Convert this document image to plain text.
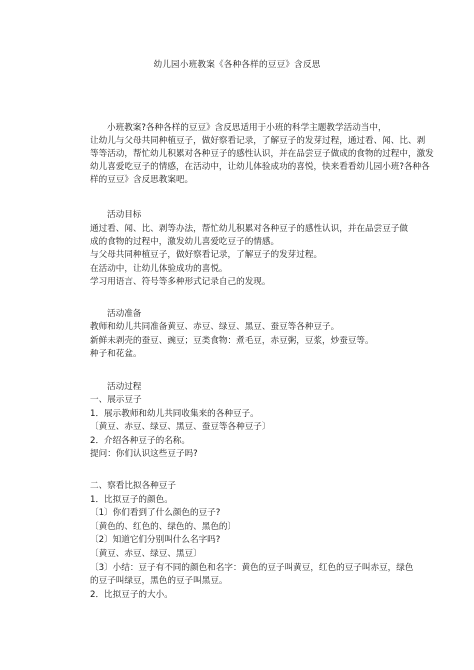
幼儿园小班教案《各种各样的豆豆》含反思
小班教案?各种各样的豆豆》含反思适用于小班的科学主题教学活动当中，
让幼儿与父母共同种植豆子，做好察看记录，了解豆子的发芽过程，通过看、闻、比、剥
等等活动，帮忙幼儿积累对各种豆子的感性认识，并在品尝豆子做成的食物的过程中，激发
幼儿喜爱吃豆子的情感，在活动中，让幼儿体验成功的喜悦，快来看看幼儿园小班?各种各
样的豆豆》含反思教案吧。
活动目标
通过看、闻、比、剥等办法，帮忙幼儿积累对各种豆子的感性认识，并在品尝豆子做
成的食物的过程中，激发幼儿喜爱吃豆子的情感。
与父母共同种植豆子，做好察看记录，了解豆子的发芽过程。
在活动中，让幼儿体验成功的喜悦。
学习用语言、符号等多种形式记录自己的发现。
活动准备
教师和幼儿共同准备黄豆、赤豆、绿豆、黑豆、蚕豆等各种豆子。
新鲜未剥壳的蚕豆、豌豆；豆类食物：煮毛豆，赤豆粥，豆浆，炒蚕豆等。
种子和花盆。
活动过程
一、展示豆子
1．展示教师和幼儿共同收集来的各种豆子。
〔黄豆、赤豆、绿豆、黑豆、蚕豆等各种豆子〕
2．介绍各种豆子的名称。
提问：你们认识这些豆子吗?
二、察看比拟各种豆子
1．比拟豆子的颜色。
〔1〕你们看到了什么颜色的豆子?
〔黄色的、红色的、绿色的、黑色的〕
〔2〕知道它们分别叫什么名字吗?
〔黄豆、赤豆、绿豆、黑豆〕
〔3〕小结：豆子有不同的颜色和名字：黄色的豆子叫黄豆，红色的豆子叫赤豆，绿色
的豆子叫绿豆，黑色的豆子叫黑豆。
2．比拟豆子的大小。
